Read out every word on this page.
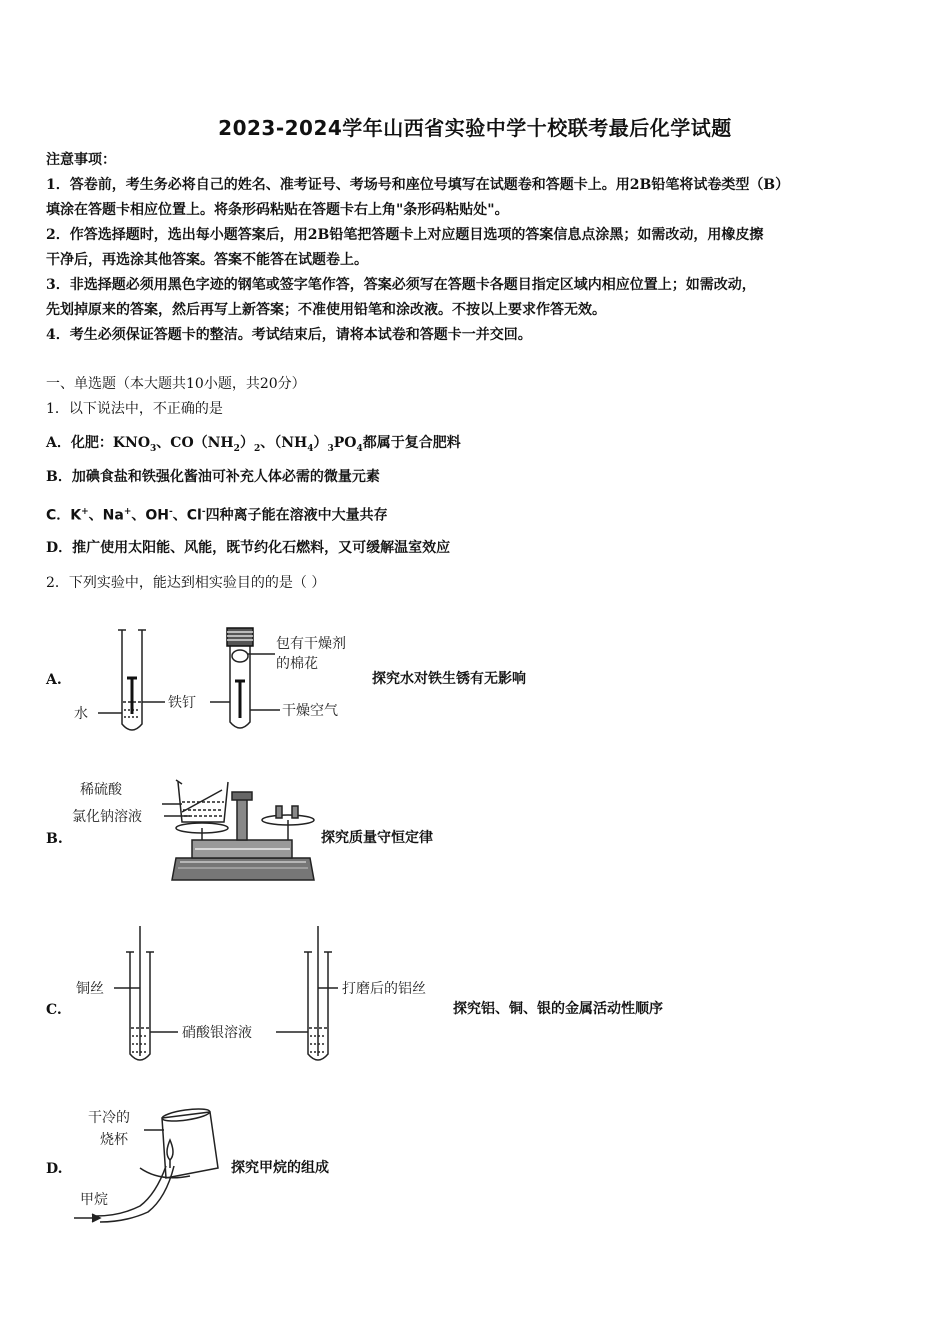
2023-2024学年山西省实验中学十校联考最后化学试题
注意事项：
1．答卷前，考生务必将自己的姓名、准考证号、考场号和座位号填写在试题卷和答题卡上。用2B铅笔将试卷类型（B）
填涂在答题卡相应位置上。将条形码粘贴在答题卡右上角"条形码粘贴处"。
2．作答选择题时，选出每小题答案后，用2B铅笔把答题卡上对应题目选项的答案信息点涂黑；如需改动，用橡皮擦
干净后，再选涂其他答案。答案不能答在试题卷上。
3．非选择题必须用黑色字迹的钢笔或签字笔作答，答案必须写在答题卡各题目指定区域内相应位置上；如需改动，
先划掉原来的答案，然后再写上新答案；不准使用铅笔和涂改液。不按以上要求作答无效。
4．考生必须保证答题卡的整洁。考试结束后，请将本试卷和答题卡一并交回。
一、单选题（本大题共10小题，共20分）
1．以下说法中，不正确的是
A．化肥：$KNO_3$、$CO(NH_2)_2$、$(NH_4)_3PO_4$都属于复合肥料
B．加碘食盐和铁强化酱油可补充人体必需的微量元素
C．K+、Na+、OH-、Cl-四种离子能在溶液中大量共存
D．推广使用太阳能、风能，既节约化石燃料，又可缓解温室效应
2．下列实验中，能达到相实验目的的是（ ）
A.
水
铁钉
包有干燥剂
的棉花
干燥空气
探究水对铁生锈有无影响
B.
稀硫酸
氯化钠溶液
探究质量守恒定律
C.
铜丝
硝酸银溶液
打磨后的铝丝
探究铝、铜、银的金属活动性顺序
D.
干冷的
烧杯
甲烷
探究甲烷的组成
